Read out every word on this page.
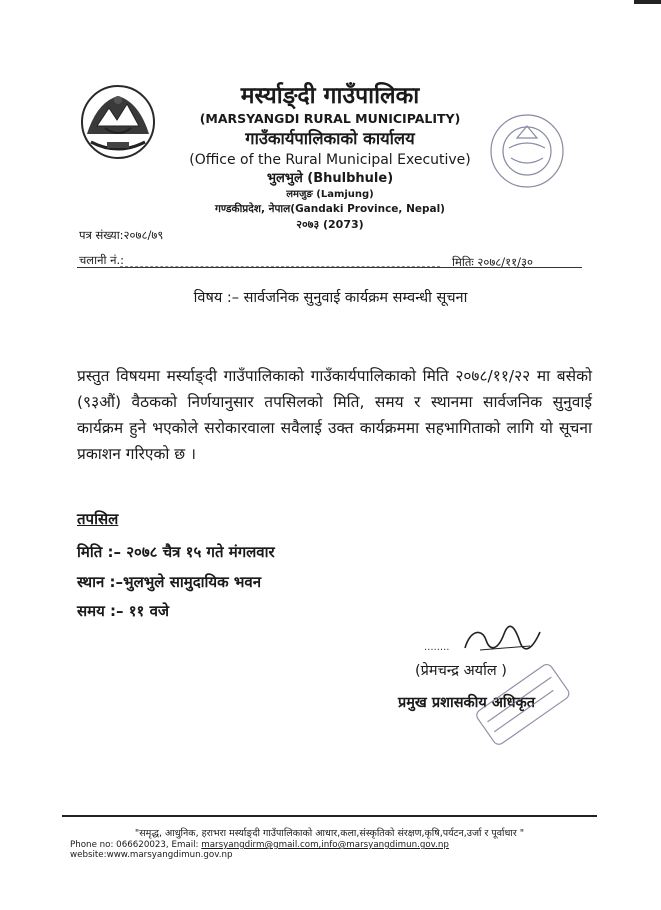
मर्स्याङ्दी गाउँपालिका
(MARSYANGDI RURAL MUNICIPALITY)
गाउँकार्यपालिकाको कार्यालय
(Office of the Rural Municipal Executive)
भुलभुले (Bhulbhule)
लमजुङ (Lamjung)
गण्डकीप्रदेश, नेपाल(Gandaki Province, Nepal)
२०७३ (2073)
पत्र संख्या:२०७८/७९
चलानी नं.:	मितिः २०७८/११/३०
विषय :– सार्वजनिक सुनुवाई कार्यक्रम सम्वन्धी सूचना
प्रस्तुत विषयमा मर्स्याङ्दी गाउँपालिकाको गाउँकार्यपालिकाको मिति २०७८/११/२२ मा बसेको (९३औं) वैठकको निर्णयानुसार तपसिलको मिति, समय र स्थानमा सार्वजनिक सुनुवाई कार्यक्रम हुने भएकोले सरोकारवाला सवैलाई उक्त कार्यक्रममा सहभागिताको लागि यो सूचना प्रकाशन गरिएको छ ।
तपसिल
मिति :– २०७८ चैत्र १५ गते मंगलवार
स्थान :–भुलभुले सामुदायिक भवन
समय :– ११ वजे
........
(प्रेमचन्द्र अर्याल )
प्रमुख प्रशासकीय अधिकृत
"समृद्ध, आधुनिक, हराभरा मर्स्याङ्दी गाउँपालिकाको आधार,कला,संस्कृतिको संरक्षण,कृषि,पर्यटन,उर्जा र पूर्वाधार "
Phone no: 066620023, Email: marsyangdirm@gmail.com,info@marsyangdimun.gov.np website:www.marsyangdimun.gov.np
